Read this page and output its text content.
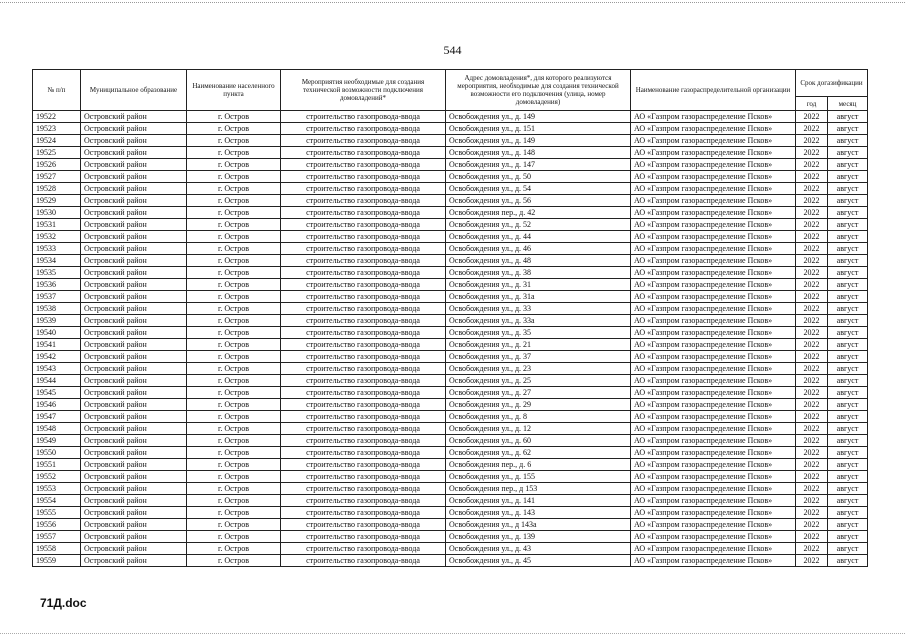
544
№ п/п	Муниципальное образование	Наименование населенного пункта	Мероприятия необходимые для создания технической возможности подключения домовладений*	Адрес домовладения*, для которого реализуются мероприятия, необходимые для создания технической возможности его подключения (улица, номер домовладения)	Наименование газораспределительной организации	Срок догазификации	
						год	месяц
19522	Островский район	г. Остров	строительство газопровода-ввода	Освобождения ул., д. 149	АО «Газпром газораспределение Псков»	2022	август
19523	Островский район	г. Остров	строительство газопровода-ввода	Освобождения ул., д. 151	АО «Газпром газораспределение Псков»	2022	август
19524	Островский район	г. Остров	строительство газопровода-ввода	Освобождения ул., д. 149	АО «Газпром газораспределение Псков»	2022	август
19525	Островский район	г. Остров	строительство газопровода-ввода	Освобождения ул., д. 148	АО «Газпром газораспределение Псков»	2022	август
19526	Островский район	г. Остров	строительство газопровода-ввода	Освобождения ул., д. 147	АО «Газпром газораспределение Псков»	2022	август
19527	Островский район	г. Остров	строительство газопровода-ввода	Освобождения ул., д. 50	АО «Газпром газораспределение Псков»	2022	август
19528	Островский район	г. Остров	строительство газопровода-ввода	Освобождения ул., д. 54	АО «Газпром газораспределение Псков»	2022	август
19529	Островский район	г. Остров	строительство газопровода-ввода	Освобождения ул., д. 56	АО «Газпром газораспределение Псков»	2022	август
19530	Островский район	г. Остров	строительство газопровода-ввода	Освобождения пер., д. 42	АО «Газпром газораспределение Псков»	2022	август
19531	Островский район	г. Остров	строительство газопровода-ввода	Освобождения ул., д. 52	АО «Газпром газораспределение Псков»	2022	август
19532	Островский район	г. Остров	строительство газопровода-ввода	Освобождения ул., д. 44	АО «Газпром газораспределение Псков»	2022	август
19533	Островский район	г. Остров	строительство газопровода-ввода	Освобождения ул., д. 46	АО «Газпром газораспределение Псков»	2022	август
19534	Островский район	г. Остров	строительство газопровода-ввода	Освобождения ул., д. 48	АО «Газпром газораспределение Псков»	2022	август
19535	Островский район	г. Остров	строительство газопровода-ввода	Освобождения ул., д. 38	АО «Газпром газораспределение Псков»	2022	август
19536	Островский район	г. Остров	строительство газопровода-ввода	Освобождения ул., д. 31	АО «Газпром газораспределение Псков»	2022	август
19537	Островский район	г. Остров	строительство газопровода-ввода	Освобождения ул., д. 31а	АО «Газпром газораспределение Псков»	2022	август
19538	Островский район	г. Остров	строительство газопровода-ввода	Освобождения ул., д. 33	АО «Газпром газораспределение Псков»	2022	август
19539	Островский район	г. Остров	строительство газопровода-ввода	Освобождения ул., д. 33а	АО «Газпром газораспределение Псков»	2022	август
19540	Островский район	г. Остров	строительство газопровода-ввода	Освобождения ул., д. 35	АО «Газпром газораспределение Псков»	2022	август
19541	Островский район	г. Остров	строительство газопровода-ввода	Освобождения ул., д. 21	АО «Газпром газораспределение Псков»	2022	август
19542	Островский район	г. Остров	строительство газопровода-ввода	Освобождения ул., д. 37	АО «Газпром газораспределение Псков»	2022	август
19543	Островский район	г. Остров	строительство газопровода-ввода	Освобождения ул., д. 23	АО «Газпром газораспределение Псков»	2022	август
19544	Островский район	г. Остров	строительство газопровода-ввода	Освобождения ул., д. 25	АО «Газпром газораспределение Псков»	2022	август
19545	Островский район	г. Остров	строительство газопровода-ввода	Освобождения ул., д. 27	АО «Газпром газораспределение Псков»	2022	август
19546	Островский район	г. Остров	строительство газопровода-ввода	Освобождения ул., д. 29	АО «Газпром газораспределение Псков»	2022	август
19547	Островский район	г. Остров	строительство газопровода-ввода	Освобождения ул., д. 8	АО «Газпром газораспределение Псков»	2022	август
19548	Островский район	г. Остров	строительство газопровода-ввода	Освобождения ул., д. 12	АО «Газпром газораспределение Псков»	2022	август
19549	Островский район	г. Остров	строительство газопровода-ввода	Освобождения ул., д. 60	АО «Газпром газораспределение Псков»	2022	август
19550	Островский район	г. Остров	строительство газопровода-ввода	Освобождения ул., д. 62	АО «Газпром газораспределение Псков»	2022	август
19551	Островский район	г. Остров	строительство газопровода-ввода	Освобождения пер., д. 6	АО «Газпром газораспределение Псков»	2022	август
19552	Островский район	г. Остров	строительство газопровода-ввода	Освобождения ул., д. 155	АО «Газпром газораспределение Псков»	2022	август
19553	Островский район	г. Остров	строительство газопровода-ввода	Освобождения пер., д 153	АО «Газпром газораспределение Псков»	2022	август
19554	Островский район	г. Остров	строительство газопровода-ввода	Освобождения ул., д. 141	АО «Газпром газораспределение Псков»	2022	август
19555	Островский район	г. Остров	строительство газопровода-ввода	Освобождения ул., д. 143	АО «Газпром газораспределение Псков»	2022	август
19556	Островский район	г. Остров	строительство газопровода-ввода	Освобождения ул., д 143а	АО «Газпром газораспределение Псков»	2022	август
19557	Островский район	г. Остров	строительство газопровода-ввода	Освобождения ул., д. 139	АО «Газпром газораспределение Псков»	2022	август
19558	Островский район	г. Остров	строительство газопровода-ввода	Освобождения ул., д. 43	АО «Газпром газораспределение Псков»	2022	август
19559	Островский район	г. Остров	строительство газопровода-ввода	Освобождения ул., д. 45	АО «Газпром газораспределение Псков»	2022	август
71Д.doc
